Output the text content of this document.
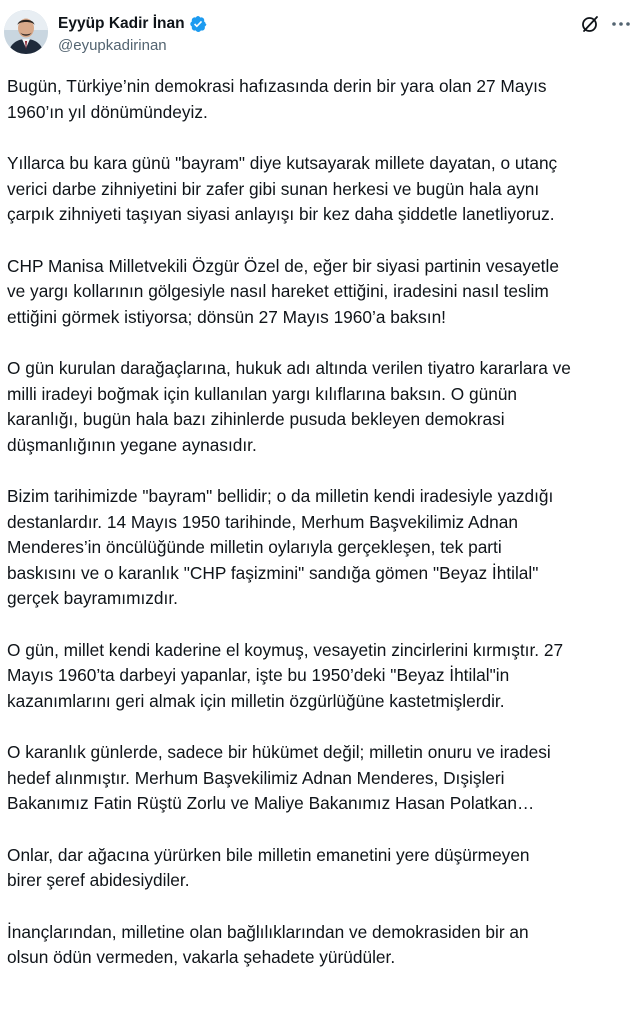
Eyyüp Kadir İnan
@eyupkadirinan

Bugün, Türkiye’nin demokrasi hafızasında derin bir yara olan 27 Mayıs
1960’ın yıl dönümündeyiz.

Yıllarca bu kara günü "bayram" diye kutsayarak millete dayatan, o utanç
verici darbe zihniyetini bir zafer gibi sunan herkesi ve bugün hala aynı
çarpık zihniyeti taşıyan siyasi anlayışı bir kez daha şiddetle lanetliyoruz.

CHP Manisa Milletvekili Özgür Özel de, eğer bir siyasi partinin vesayetle
ve yargı kollarının gölgesiyle nasıl hareket ettiğini, iradesini nasıl teslim
ettiğini görmek istiyorsa; dönsün 27 Mayıs 1960’a baksın!

O gün kurulan darağaçlarına, hukuk adı altında verilen tiyatro kararlara ve
milli iradeyi boğmak için kullanılan yargı kılıflarına baksın. O günün
karanlığı, bugün hala bazı zihinlerde pusuda bekleyen demokrasi
düşmanlığının yegane aynasıdır.

Bizim tarihimizde "bayram" bellidir; o da milletin kendi iradesiyle yazdığı
destanlardır. 14 Mayıs 1950 tarihinde, Merhum Başvekilimiz Adnan
Menderes’in öncülüğünde milletin oylarıyla gerçekleşen, tek parti
baskısını ve o karanlık "CHP faşizmini" sandığa gömen "Beyaz İhtilal"
gerçek bayramımızdır.

O gün, millet kendi kaderine el koymuş, vesayetin zincirlerini kırmıştır. 27
Mayıs 1960’ta darbeyi yapanlar, işte bu 1950’deki "Beyaz İhtilal"in
kazanımlarını geri almak için milletin özgürlüğüne kastetmişlerdir.

O karanlık günlerde, sadece bir hükümet değil; milletin onuru ve iradesi
hedef alınmıştır. Merhum Başvekilimiz Adnan Menderes, Dışişleri
Bakanımız Fatin Rüştü Zorlu ve Maliye Bakanımız Hasan Polatkan…

Onlar, dar ağacına yürürken bile milletin emanetini yere düşürmeyen
birer şeref abidesiydiler.

İnançlarından, milletine olan bağlılıklarından ve demokrasiden bir an
olsun ödün vermeden, vakarla şehadete yürüdüler.
